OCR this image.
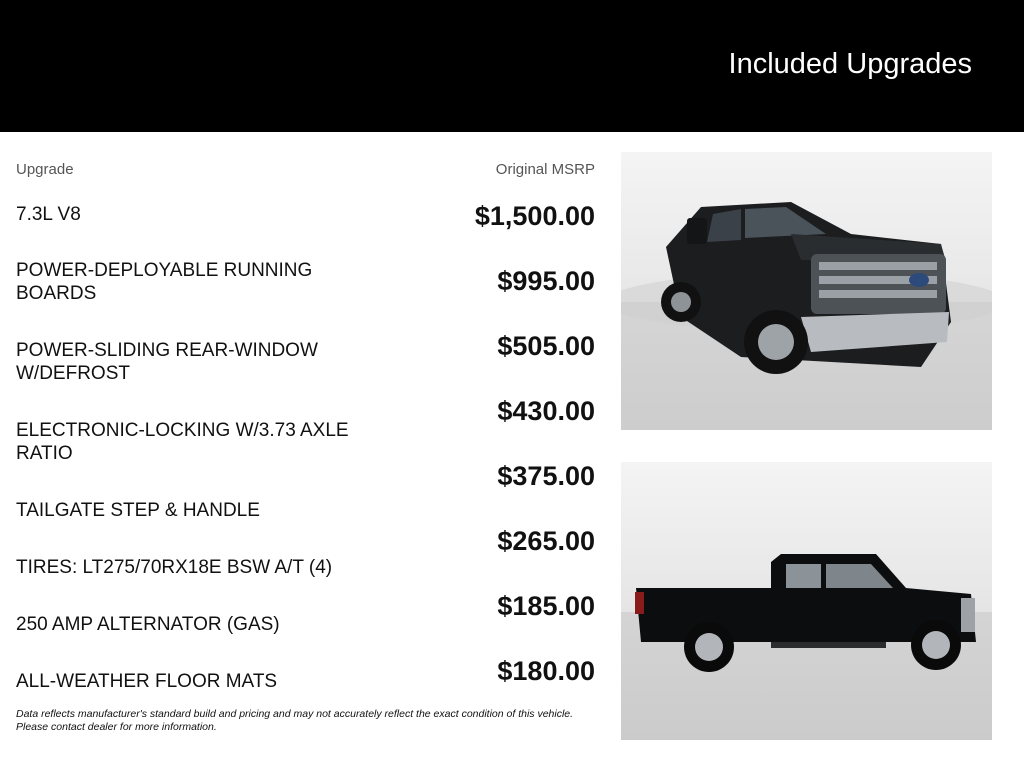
Included Upgrades
Upgrade	Original MSRP
7.3L V8
POWER-DEPLOYABLE RUNNING BOARDS
POWER-SLIDING REAR-WINDOW W/DEFROST
ELECTRONIC-LOCKING W/3.73 AXLE RATIO
TAILGATE STEP & HANDLE
TIRES: LT275/70RX18E BSW A/T (4)
250 AMP ALTERNATOR (GAS)
ALL-WEATHER FLOOR MATS
$1,500.00
$995.00
$505.00
$430.00
$375.00
$265.00
$185.00
$180.00
Data reflects manufacturer's standard build and pricing and may not accurately reflect the exact condition of this vehicle. Please contact dealer for more information.
